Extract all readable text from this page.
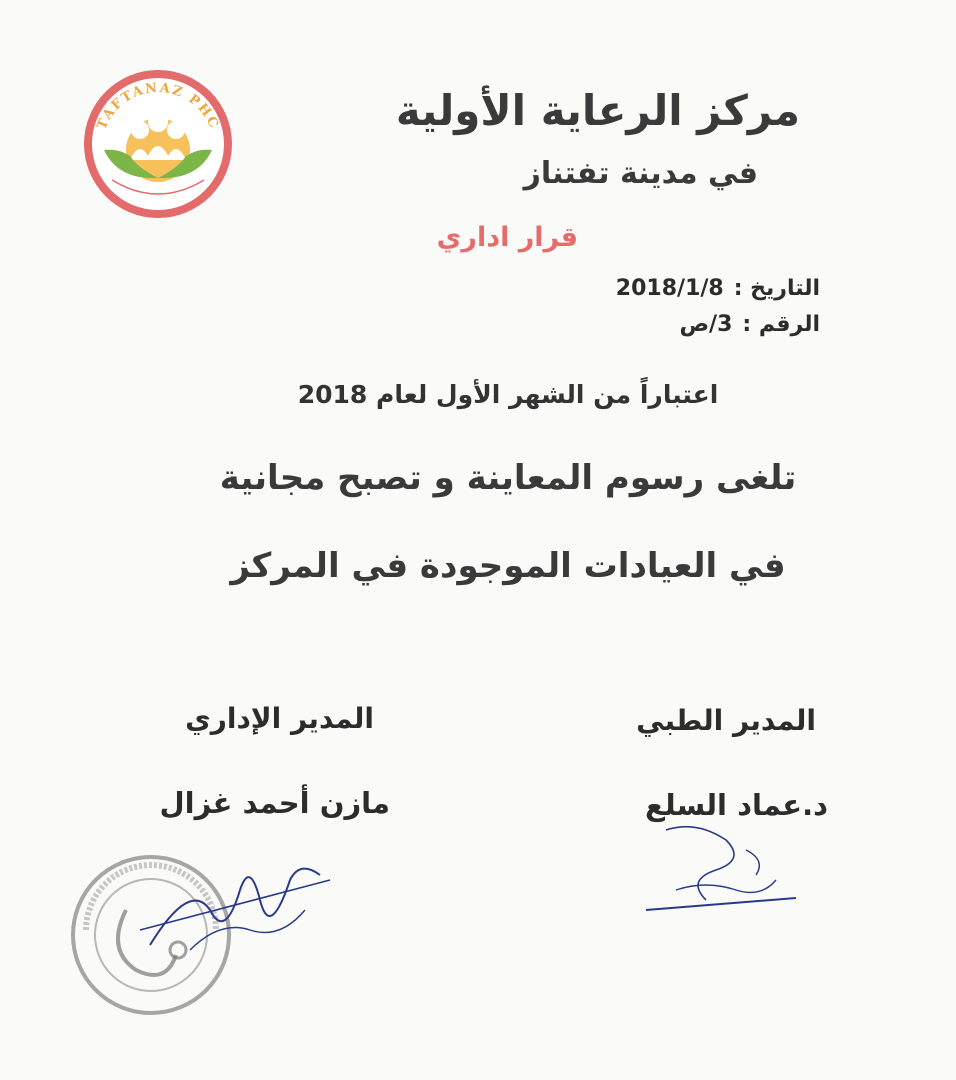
TAFTANAZ PHC	مركز الرعاية الأولية
في مدينة تفتناز
قرار اداري
التاريخ :
2018/1/8
الرقم :
3/ص
اعتباراً من الشهر الأول لعام 2018
تلغى رسوم المعاينة و تصبح مجانية
في العيادات الموجودة في المركز
المدير الطبي
المدير الإداري
د.عماد السلع
مازن أحمد غزال
